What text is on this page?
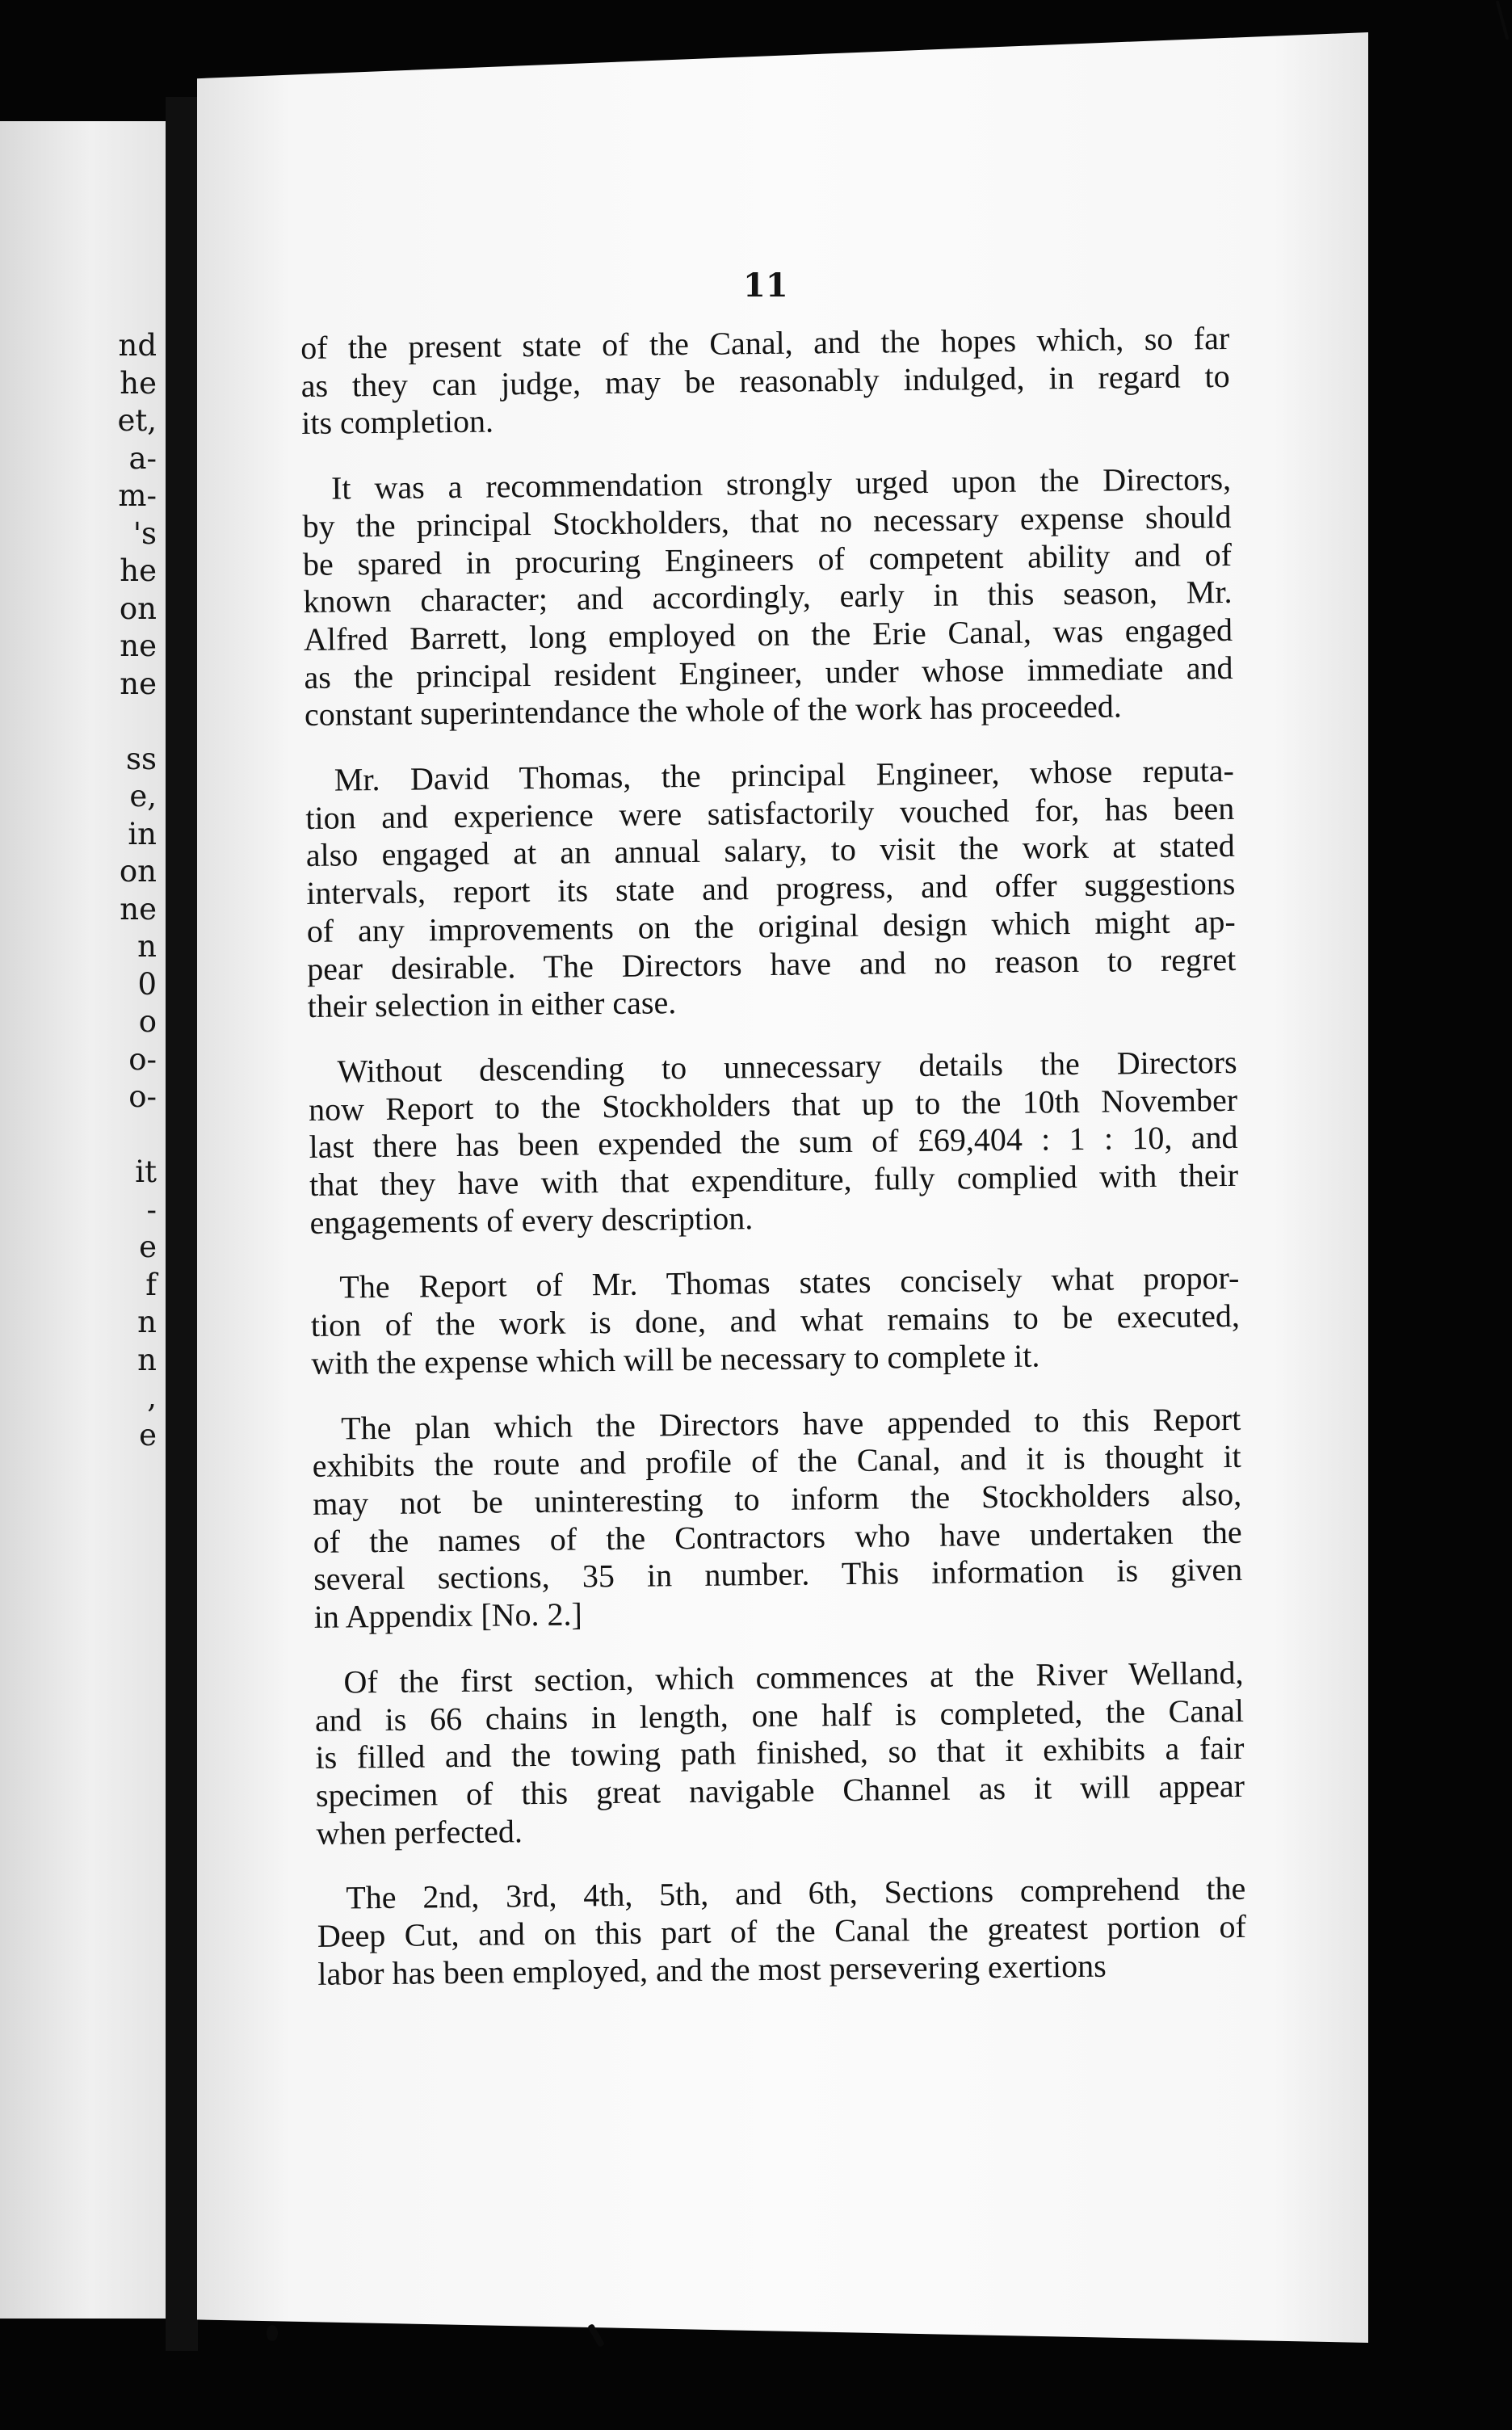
nd
he
et,
a-
m-
's
he
on
ne
ne
ss
e,
in
on
ne
n
0
o
o-
o-
it
-
e
f
n
n
,
e
11
of the present state of the Canal, and the hopes which, so far
as they can judge, may be reasonably indulged, in regard to
its completion.
It was a recommendation strongly urged upon the Directors,
by the principal Stockholders, that no necessary expense should
be spared in procuring Engineers of competent ability and of
known character; and accordingly, early in this season, Mr.
Alfred Barrett, long employed on the Erie Canal, was engaged
as the principal resident Engineer, under whose immediate and
constant superintendance the whole of the work has proceeded.
Mr. David Thomas, the principal Engineer, whose reputa-
tion and experience were satisfactorily vouched for, has been
also engaged at an annual salary, to visit the work at stated
intervals, report its state and progress, and offer suggestions
of any improvements on the original design which might ap-
pear desirable. The Directors have and no reason to regret
their selection in either case.
Without descending to unnecessary details the Directors
now Report to the Stockholders that up to the 10th November
last there has been expended the sum of £69,404 : 1 : 10, and
that they have with that expenditure, fully complied with their
engagements of every description.
The Report of Mr. Thomas states concisely what propor-
tion of the work is done, and what remains to be executed,
with the expense which will be necessary to complete it.
The plan which the Directors have appended to this Report
exhibits the route and profile of the Canal, and it is thought it
may not be uninteresting to inform the Stockholders also,
of the names of the Contractors who have undertaken the
several sections, 35 in number. This information is given
in Appendix [No. 2.]
Of the first section, which commences at the River Welland,
and is 66 chains in length, one half is completed, the Canal
is filled and the towing path finished, so that it exhibits a fair
specimen of this great navigable Channel as it will appear
when perfected.
The 2nd, 3rd, 4th, 5th, and 6th, Sections comprehend the
Deep Cut, and on this part of the Canal the greatest portion of
labor has been employed, and the most persevering exertions
